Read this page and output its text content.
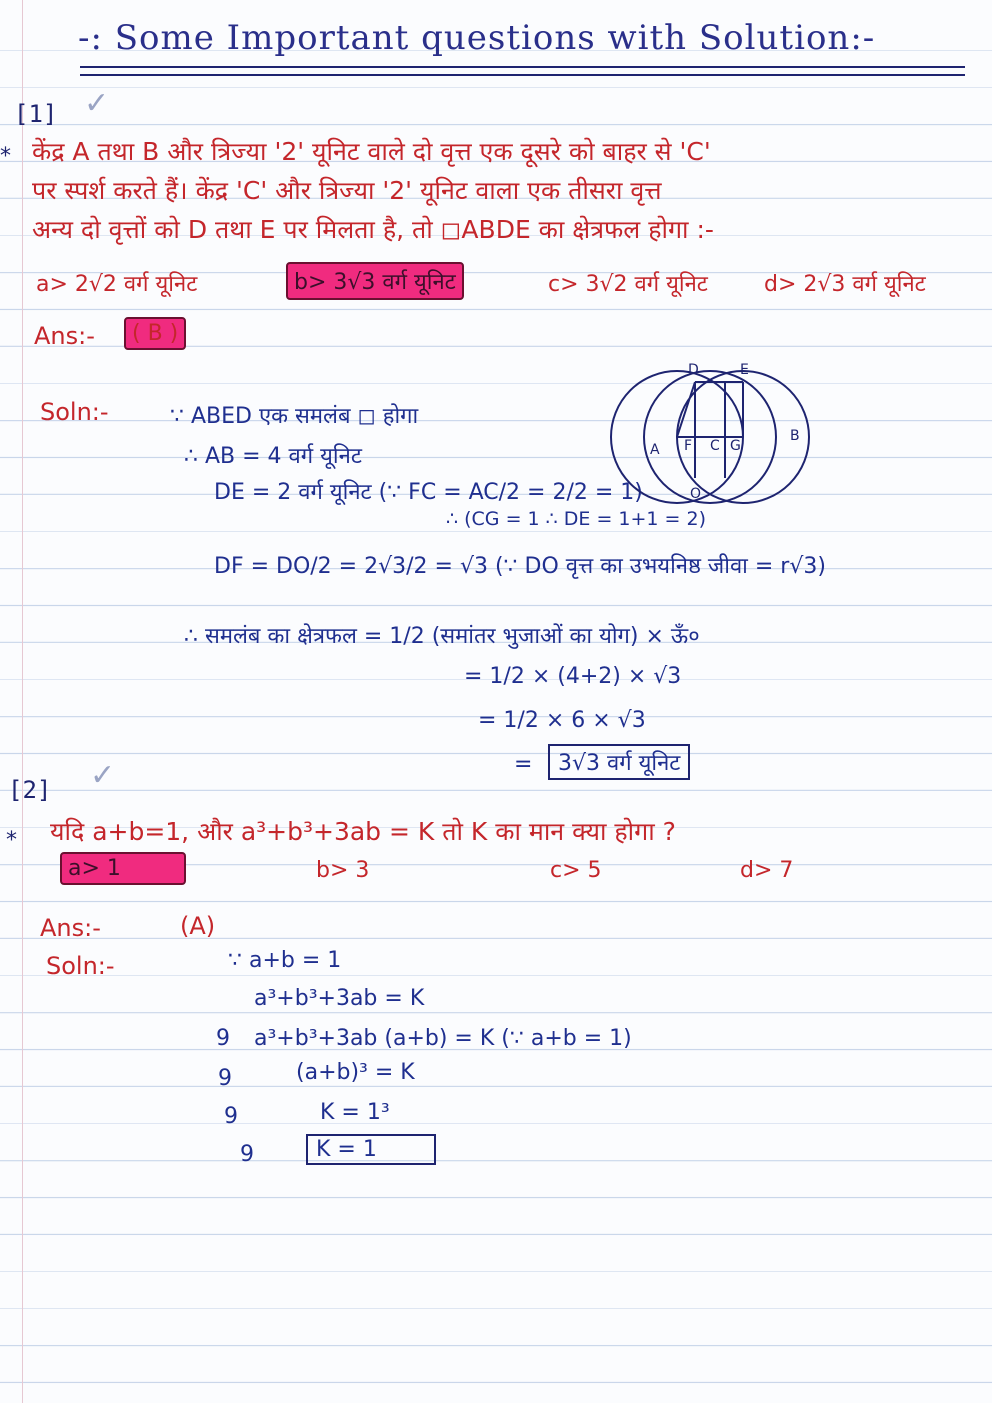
-: Some Important questions with Solution:-
[1] ✓
* केंद्र A तथा B और त्रिज्या '2' यूनिट वाले दो वृत्त एक दूसरे को बाहर से 'C'
पर स्पर्श करते हैं। केंद्र 'C' और त्रिज्या '2' यूनिट वाला एक तीसरा वृत्त
अन्य दो वृत्तों को D तथा E पर मिलता है, तो ◻ABDE का क्षेत्रफल होगा :-
a> 2√2 वर्ग यूनिट	b> 3√3 वर्ग यूनिट	c> 3√2 वर्ग यूनिट	d> 2√3 वर्ग यूनिट
Ans:-	( B )
Soln:-	∵ ABED एक समलंब ◻ होगा
∴ AB = 4 वर्ग यूनिट
DE = 2 वर्ग यूनिट (∵ FC = AC/2 = 2/2 = 1)
∴ (CG = 1 ∴ DE = 1+1 = 2)
DF = DO/2 = 2√3/2 = √3 (∵ DO वृत्त का उभयनिष्ठ जीवा = r√3)
∴ समलंब का क्षेत्रफल = 1/2 (समांतर भुजाओं का योग) × ऊँ०
= 1/2 × (4+2) × √3
= 1/2 × 6 × √3
=	3√3 वर्ग यूनिट
D	E
A F C G
B
O
[2] ✓
* यदि a+b=1, और a³+b³+3ab = K तो K का मान क्या होगा ?
a> 1	b> 3	c> 5	d> 7
Ans:-	(A)
Soln:-	∵ a+b = 1
a³+b³+3ab = K
9 a³+b³+3ab (a+b) = K (∵ a+b = 1)
9	(a+b)³ = K
9	K = 1³
9	K = 1
